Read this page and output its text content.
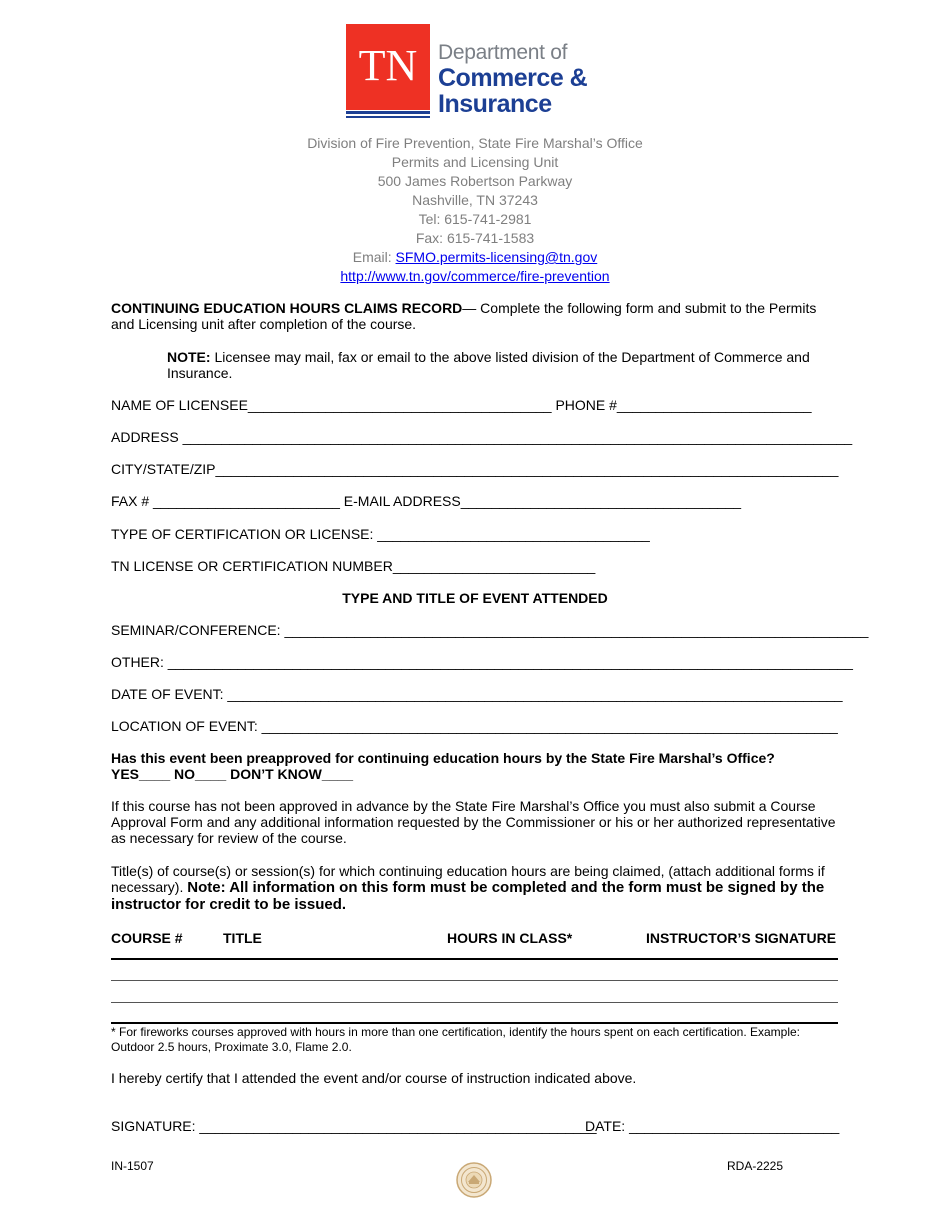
TN Department of
Commerce &
Insurance
Division of Fire Prevention, State Fire Marshal’s Office
Permits and Licensing Unit
500 James Robertson Parkway
Nashville, TN 37243
Tel: 615-741-2981
Fax: 615-741-1583
Email: SFMO.permits-licensing@tn.gov
http://www.tn.gov/commerce/fire-prevention
CONTINUING EDUCATION HOURS CLAIMS RECORD— Complete the following form and submit to the Permits and Licensing unit after completion of the course.
NOTE: Licensee may mail, fax or email to the above listed division of the Department of Commerce and Insurance.
NAME OF LICENSEE_______________________________________ PHONE #_________________________
ADDRESS ______________________________________________________________________________________
CITY/STATE/ZIP________________________________________________________________________________
FAX # ________________________ E-MAIL ADDRESS____________________________________
TYPE OF CERTIFICATION OR LICENSE: ___________________________________
TN LICENSE OR CERTIFICATION NUMBER__________________________
TYPE AND TITLE OF EVENT ATTENDED
SEMINAR/CONFERENCE: ___________________________________________________________________________
OTHER: ________________________________________________________________________________________
DATE OF EVENT: _______________________________________________________________________________
LOCATION OF EVENT: __________________________________________________________________________
Has this event been preapproved for continuing education hours by the State Fire Marshal’s Office?
YES____ NO____ DON’T KNOW____
If this course has not been approved in advance by the State Fire Marshal’s Office you must also submit a Course Approval Form and any additional information requested by the Commissioner or his or her authorized representative as necessary for review of the course.
Title(s) of course(s) or session(s) for which continuing education hours are being claimed, (attach additional forms if necessary). Note: All information on this form must be completed and the form must be signed by the instructor for credit to be issued.
COURSE #	TITLE	HOURS IN CLASS*	INSTRUCTOR’S SIGNATURE
* For fireworks courses approved with hours in more than one certification, identify the hours spent on each certification. Example: Outdoor 2.5 hours, Proximate 3.0, Flame 2.0.
I hereby certify that I attended the event and/or course of instruction indicated above.
SIGNATURE: ___________________________________________________
DATE: ___________________________
IN-1507	RDA-2225
